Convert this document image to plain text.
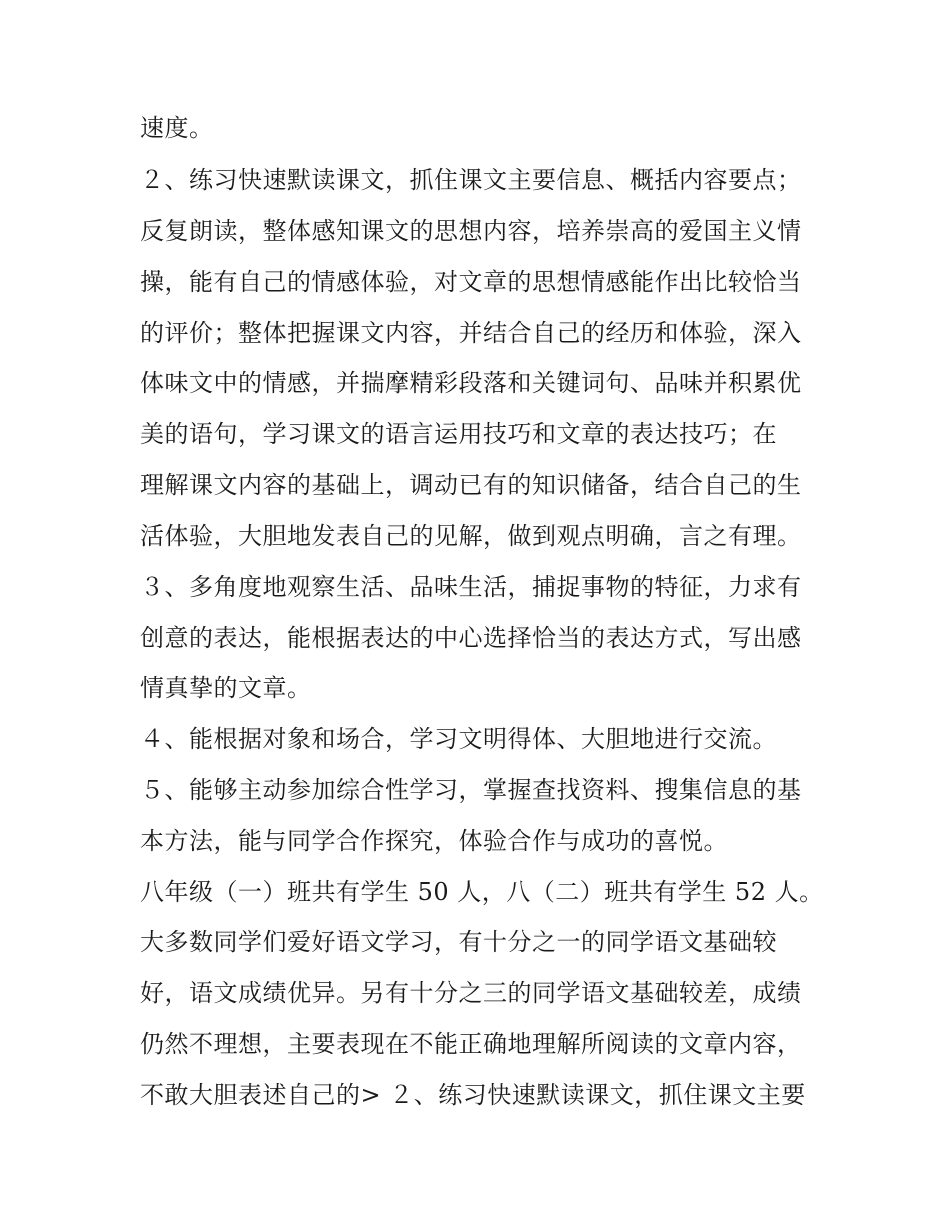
速度。
２、练习快速默读课文，抓住课文主要信息、概括内容要点；
反复朗读，整体感知课文的思想内容，培养崇高的爱国主义情
操，能有自己的情感体验，对文章的思想情感能作出比较恰当
的评价；整体把握课文内容，并结合自己的经历和体验，深入
体味文中的情感，并揣摩精彩段落和关键词句、品味并积累优
美的语句，学习课文的语言运用技巧和文章的表达技巧；在
理解课文内容的基础上，调动已有的知识储备，结合自己的生
活体验，大胆地发表自己的见解，做到观点明确，言之有理。
３、多角度地观察生活、品味生活，捕捉事物的特征，力求有
创意的表达，能根据表达的中心选择恰当的表达方式，写出感
情真挚的文章。
４、能根据对象和场合，学习文明得体、大胆地进行交流。
５、能够主动参加综合性学习，掌握查找资料、搜集信息的基
本方法，能与同学合作探究，体验合作与成功的喜悦。
八年级（一）班共有学生 50 人，八（二）班共有学生 52 人。
大多数同学们爱好语文学习，有十分之一的同学语文基础较
好，语文成绩优异。另有十分之三的同学语文基础较差，成绩
仍然不理想，主要表现在不能正确地理解所阅读的文章内容，
不敢大胆表述自己的> ２、练习快速默读课文，抓住课文主要
